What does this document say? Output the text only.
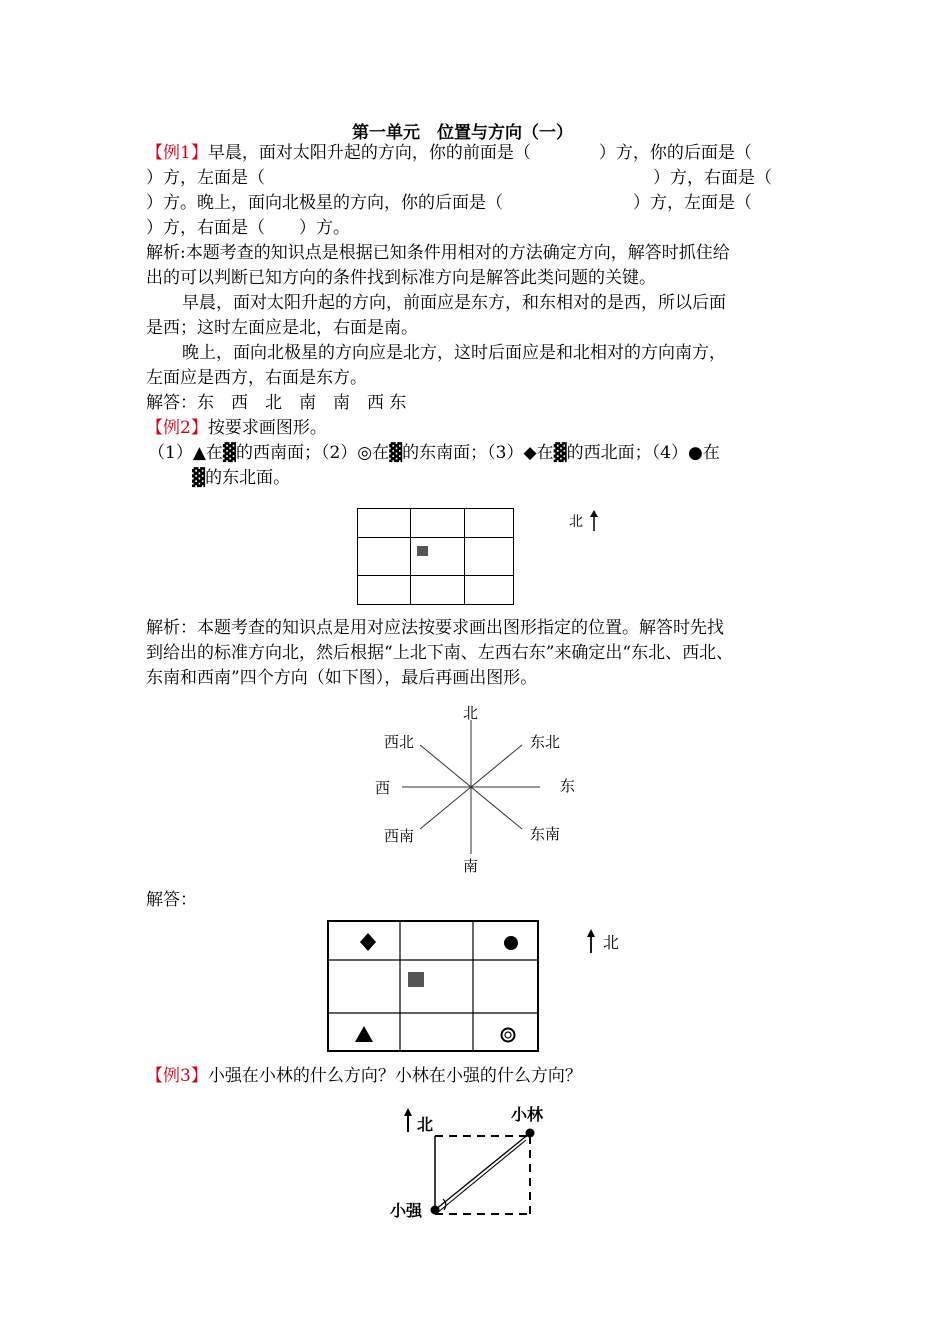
第一单元　位置与方向（一）
【例1】早晨，面对太阳升起的方向，你的前面是（	）方，你的后面是（
）方，左面是（	）方，右面是（
）方。晚上，面向北极星的方向，你的后面是（	）方，左面是（
）方，右面是（　　）方。
解析:本题考查的知识点是根据已知条件用相对的方法确定方向，解答时抓住给
出的可以判断已知方向的条件找到标准方向是解答此类问题的关键。
早晨，面对太阳升起的方向，前面应是东方，和东相对的是西，所以后面
是西；这时左面应是北，右面是南。
晚上，面向北极星的方向应是北方，这时后面应是和北相对的方向南方，
左面应是西方，右面是东方。
解答：东　西　北　南　南　西 东
【例2】按要求画图形。
（1）▲在▓的西南面；（2）◎在▓的东南面；（3）◆在▓的西北面；（4）●在
▓的东北面。
北
解析：本题考查的知识点是用对应法按要求画出图形指定的位置。解答时先找
到给出的标准方向北，然后根据“上北下南、左西右东”来确定出“东北、西北、
东南和西南”四个方向（如下图），最后再画出图形。
北
西北	东北
西	东
西南	东南
南
解答：
北
【例3】小强在小林的什么方向？小林在小强的什么方向？
北
小林
小强
